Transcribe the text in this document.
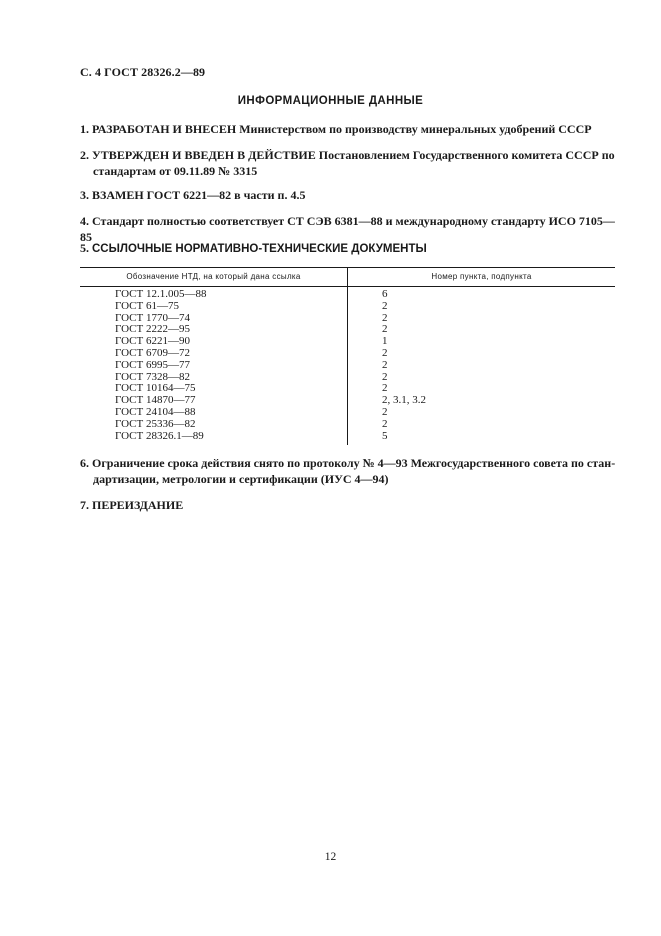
С. 4 ГОСТ 28326.2—89
ИНФОРМАЦИОННЫЕ ДАННЫЕ
1. РАЗРАБОТАН И ВНЕСЕН Министерством по производству минеральных удобрений СССР
2. УТВЕРЖДЕН И ВВЕДЕН В ДЕЙСТВИЕ Постановлением Государственного комитета СССР по
стандартам от 09.11.89 № 3315
3. ВЗАМЕН ГОСТ 6221—82 в части п. 4.5
4. Стандарт полностью соответствует СТ СЭВ 6381—88 и международному стандарту ИСО 7105—85
5. ССЫЛОЧНЫЕ НОРМАТИВНО-ТЕХНИЧЕСКИЕ ДОКУМЕНТЫ
Обозначение НТД, на который дана ссылка	Номер пункта, подпункта
ГОСТ 12.1.005—88	6
ГОСТ 61—75	2
ГОСТ 1770—74	2
ГОСТ 2222—95	2
ГОСТ 6221—90	1
ГОСТ 6709—72	2
ГОСТ 6995—77	2
ГОСТ 7328—82	2
ГОСТ 10164—75	2
ГОСТ 14870—77	2, 3.1, 3.2
ГОСТ 24104—88	2
ГОСТ 25336—82	2
ГОСТ 28326.1—89	5
6. Ограничение срока действия снято по протоколу № 4—93 Межгосударственного совета по стан-
дартизации, метрологии и сертификации (ИУС 4—94)
7. ПЕРЕИЗДАНИЕ
12
